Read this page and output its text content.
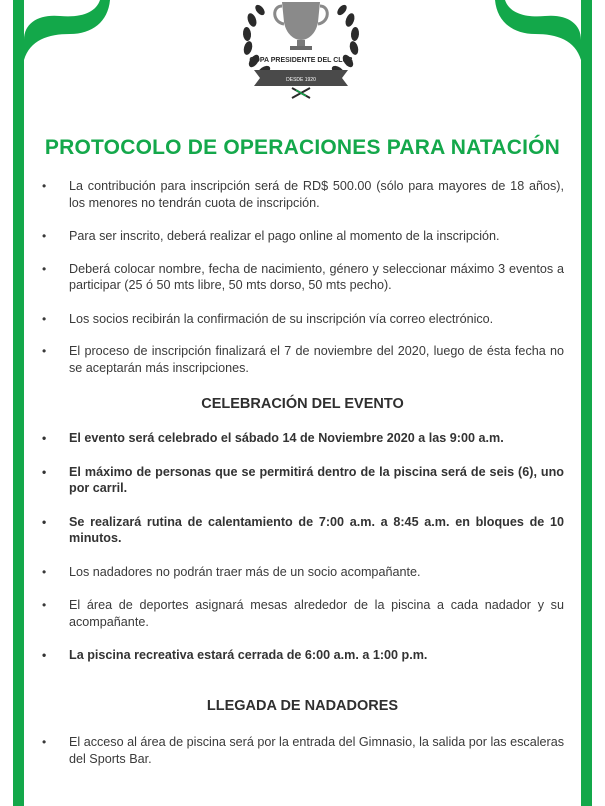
COPA PRESIDENTE DEL CLUB
DESDE 1920
PROTOCOLO DE OPERACIONES PARA NATACIÓN
•	La contribución para inscripción será de RD$ 500.00 (sólo para mayores de 18 años), los menores no tendrán cuota de inscripción.
•	Para ser inscrito, deberá realizar el pago online al momento de la inscripción.
•	Deberá colocar nombre, fecha de nacimiento, género y seleccionar máximo 3 eventos a participar (25 ó 50 mts libre, 50 mts dorso, 50 mts pecho).
•	Los socios recibirán la confirmación de su inscripción vía correo electrónico.
•	El proceso de inscripción finalizará el 7 de noviembre del 2020, luego de ésta fecha no se aceptarán más inscripciones.
CELEBRACIÓN DEL EVENTO
•	El evento será celebrado el sábado 14 de Noviembre 2020 a las 9:00 a.m.
•	El máximo de personas que se permitirá dentro de la piscina será de seis (6), uno por carril.
•	Se realizará rutina de calentamiento de 7:00 a.m. a 8:45 a.m. en bloques de 10 minutos.
•	Los nadadores no podrán traer más de un socio acompañante.
•	El área de deportes asignará mesas alrededor de la piscina a cada nadador y su acompañante.
•	La piscina recreativa estará cerrada de 6:00 a.m. a 1:00 p.m.
LLEGADA DE NADADORES
•	El acceso al área de piscina será por la entrada del Gimnasio, la salida por las escaleras del Sports Bar.
